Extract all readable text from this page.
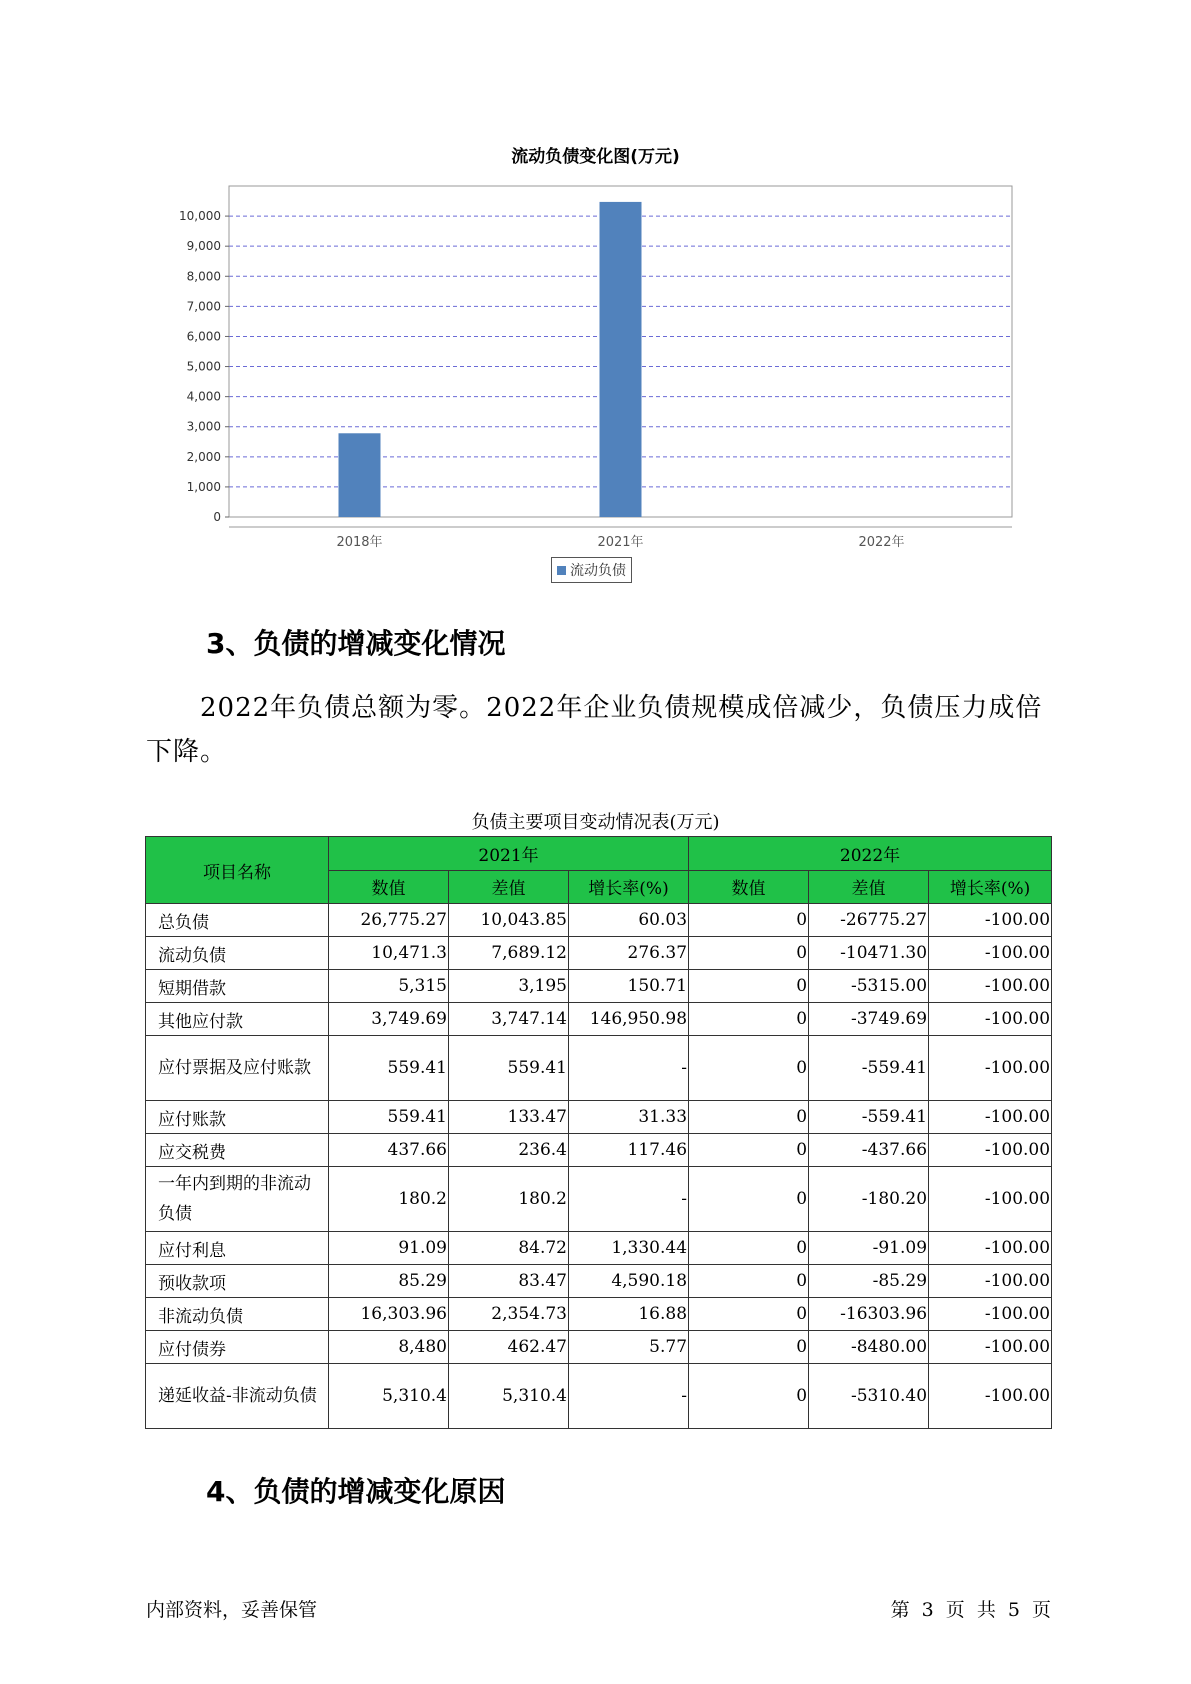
流动负债变化图(万元)
0
1,000
2,000
3,000
4,000
5,000
6,000
7,000
8,000
9,000
10,000
2018年	2021年	2022年
流动负债
3、负债的增减变化情况

2022年负债总额为零。2022年企业负债规模成倍减少，负债压力成倍下降。

负债主要项目变动情况表(万元)
项目名称	2021年			2022年		
	数值	差值	增长率(%)	数值	差值	增长率(%)
总负债	26,775.27	10,043.85	60.03	0	-26775.27	-100.00
流动负债	10,471.3	7,689.12	276.37	0	-10471.30	-100.00
短期借款	5,315	3,195	150.71	0	-5315.00	-100.00
其他应付款	3,749.69	3,747.14	146,950.98	0	-3749.69	-100.00
应付票据及应付账款	559.41	559.41	-	0	-559.41	-100.00
应付账款	559.41	133.47	31.33	0	-559.41	-100.00
应交税费	437.66	236.4	117.46	0	-437.66	-100.00
一年内到期的非流动负债	180.2	180.2	-	0	-180.20	-100.00
应付利息	91.09	84.72	1,330.44	0	-91.09	-100.00
预收款项	85.29	83.47	4,590.18	0	-85.29	-100.00
非流动负债	16,303.96	2,354.73	16.88	0	-16303.96	-100.00
应付债券	8,480	462.47	5.77	0	-8480.00	-100.00
递延收益-非流动负债	5,310.4	5,310.4	-	0	-5310.40	-100.00
4、负债的增减变化原因
内部资料，妥善保管	第 3 页 共 5 页
